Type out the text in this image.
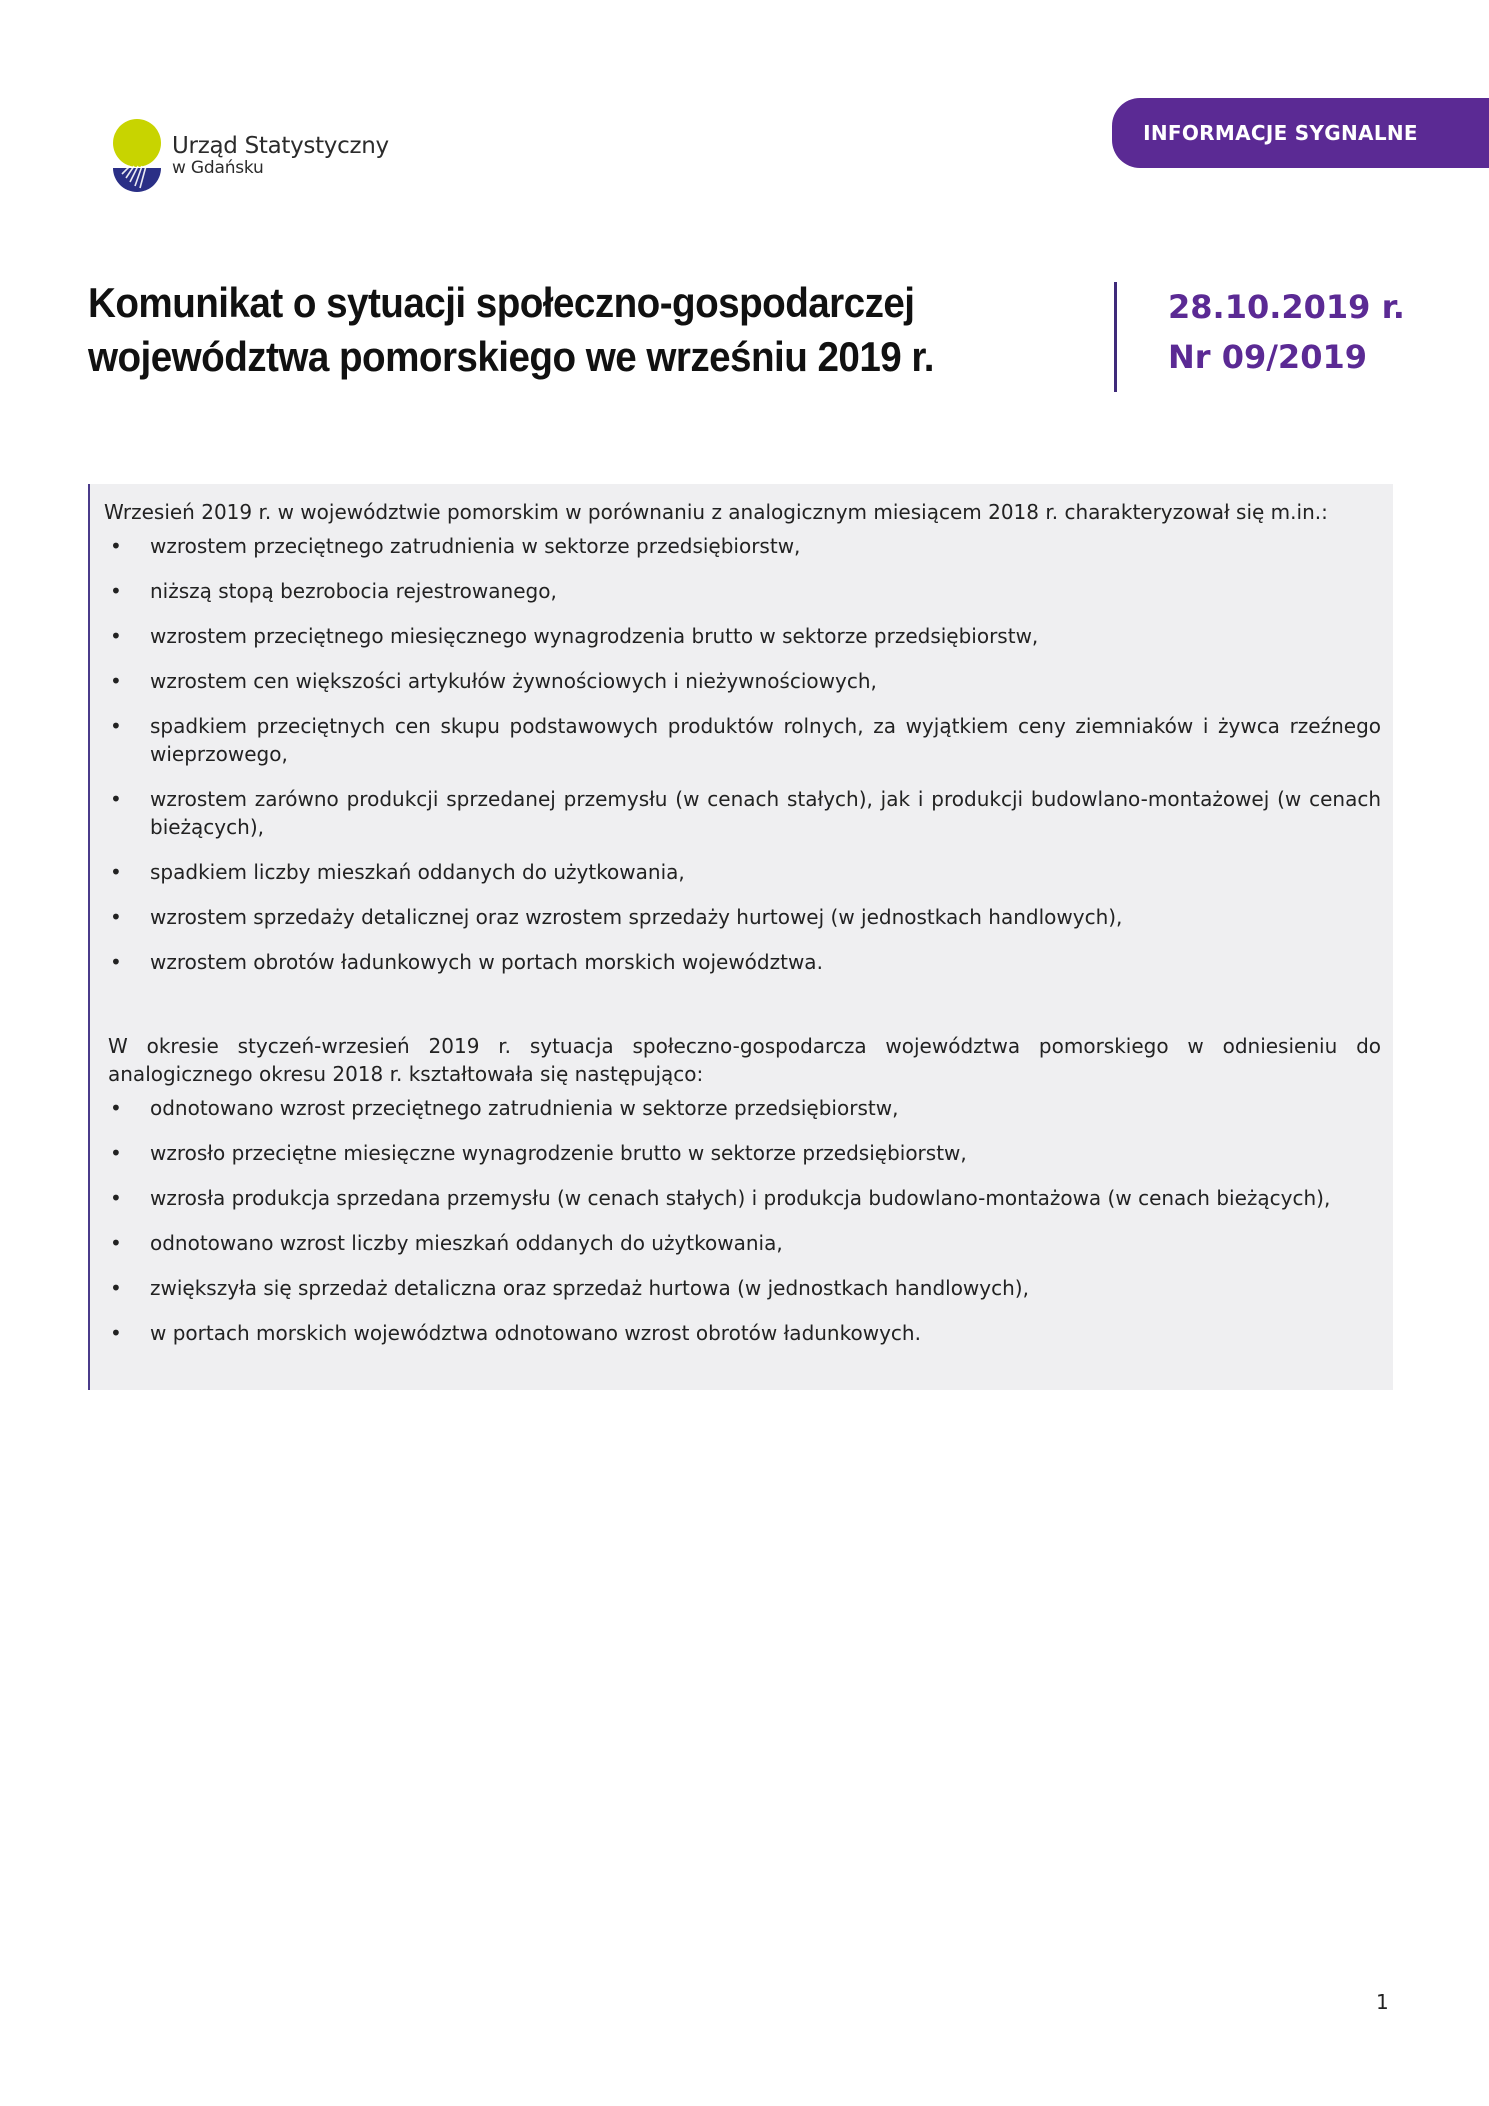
Urząd Statystyczny
w Gdańsku
INFORMACJE SYGNALNE
Komunikat o sytuacji społeczno-gospodarczej
województwa pomorskiego we wrześniu 2019 r.
28.10.2019 r.
Nr 09/2019

Wrzesień 2019 r. w województwie pomorskim w porównaniu z analogicznym miesiącem 2018 r. charakteryzował się m.in.:

• wzrostem przeciętnego zatrudnienia w sektorze przedsiębiorstw,
• niższą stopą bezrobocia rejestrowanego,
• wzrostem przeciętnego miesięcznego wynagrodzenia brutto w sektorze przedsiębiorstw,
• wzrostem cen większości artykułów żywnościowych i nieżywnościowych,
• spadkiem przeciętnych cen skupu podstawowych produktów rolnych, za wyjątkiem ceny ziemniaków i żywca rzeźnego wieprzowego,
• wzrostem zarówno produkcji sprzedanej przemysłu (w cenach stałych), jak i produkcji budowlano-montażowej (w cenach bieżących),
• spadkiem liczby mieszkań oddanych do użytkowania,
• wzrostem sprzedaży detalicznej oraz wzrostem sprzedaży hurtowej (w jednostkach handlowych),
• wzrostem obrotów ładunkowych w portach morskich województwa.

W okresie styczeń-wrzesień 2019 r. sytuacja społeczno-gospodarcza województwa pomorskiego w odniesieniu do analogicznego okresu 2018 r. kształtowała się następująco:

• odnotowano wzrost przeciętnego zatrudnienia w sektorze przedsiębiorstw,
• wzrosło przeciętne miesięczne wynagrodzenie brutto w sektorze przedsiębiorstw,
• wzrosła produkcja sprzedana przemysłu (w cenach stałych) i produkcja budowlano-montażowa (w cenach bieżących),
• odnotowano wzrost liczby mieszkań oddanych do użytkowania,
• zwiększyła się sprzedaż detaliczna oraz sprzedaż hurtowa (w jednostkach handlowych),
• w portach morskich województwa odnotowano wzrost obrotów ładunkowych.
1
